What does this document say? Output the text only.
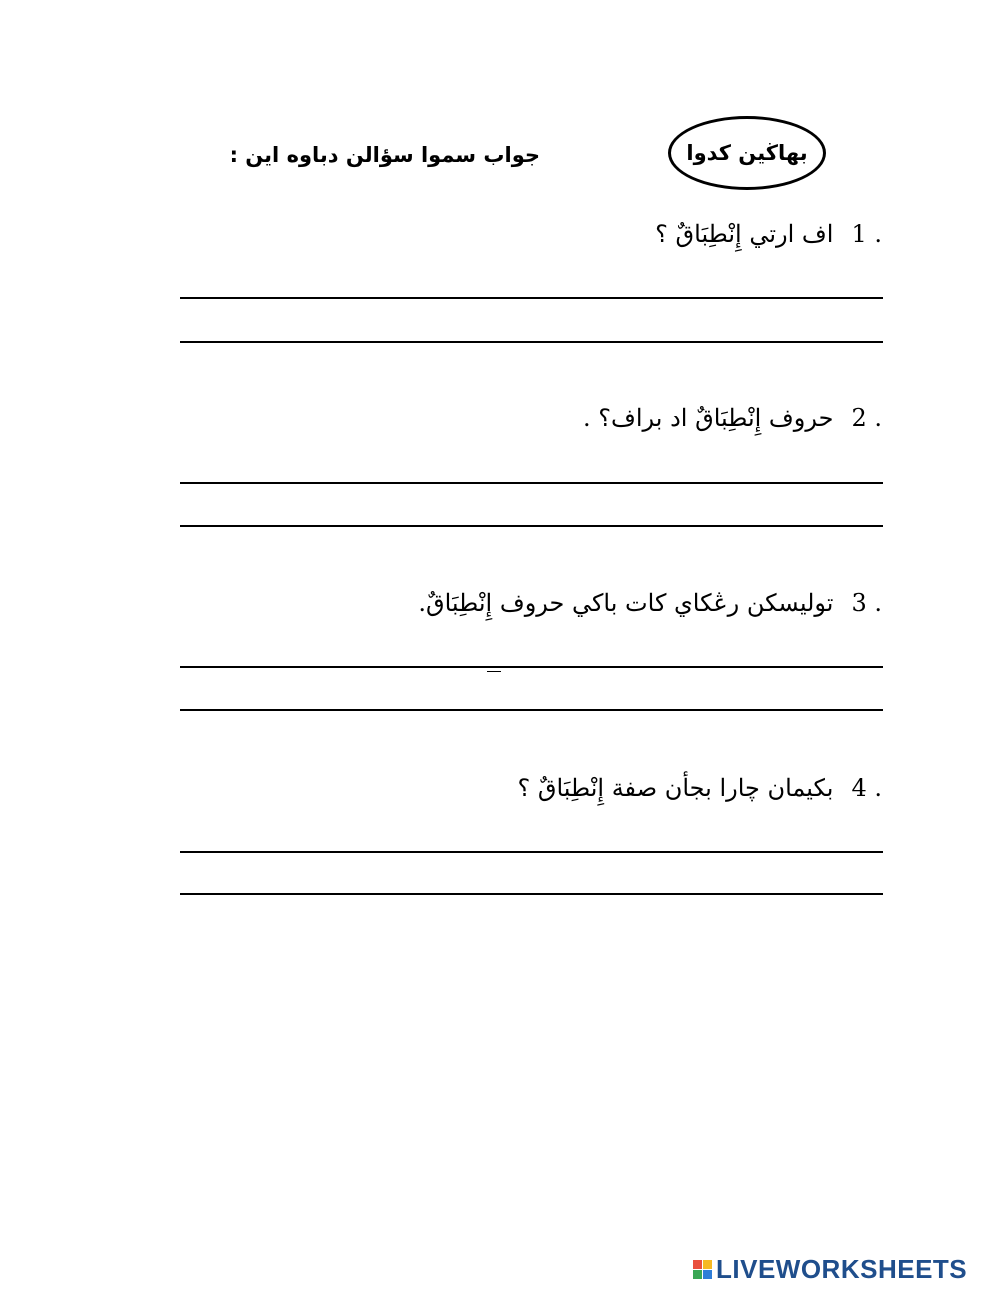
بهاڬين كدوا
جواب سموا سؤالن دباوه اين :
1 .
اف ارتي إِنْطِبَاقٌ ؟
2 .
حروف إِنْطِبَاقٌ اد براف؟ .
3 .
توليسكن رڠكاي كات باكي حروف إِنْطِبَاقٌ.
4 .
بكيمان چارا بجأن صفة إِنْطِبَاقٌ ؟
LIVEWORKSHEETS
